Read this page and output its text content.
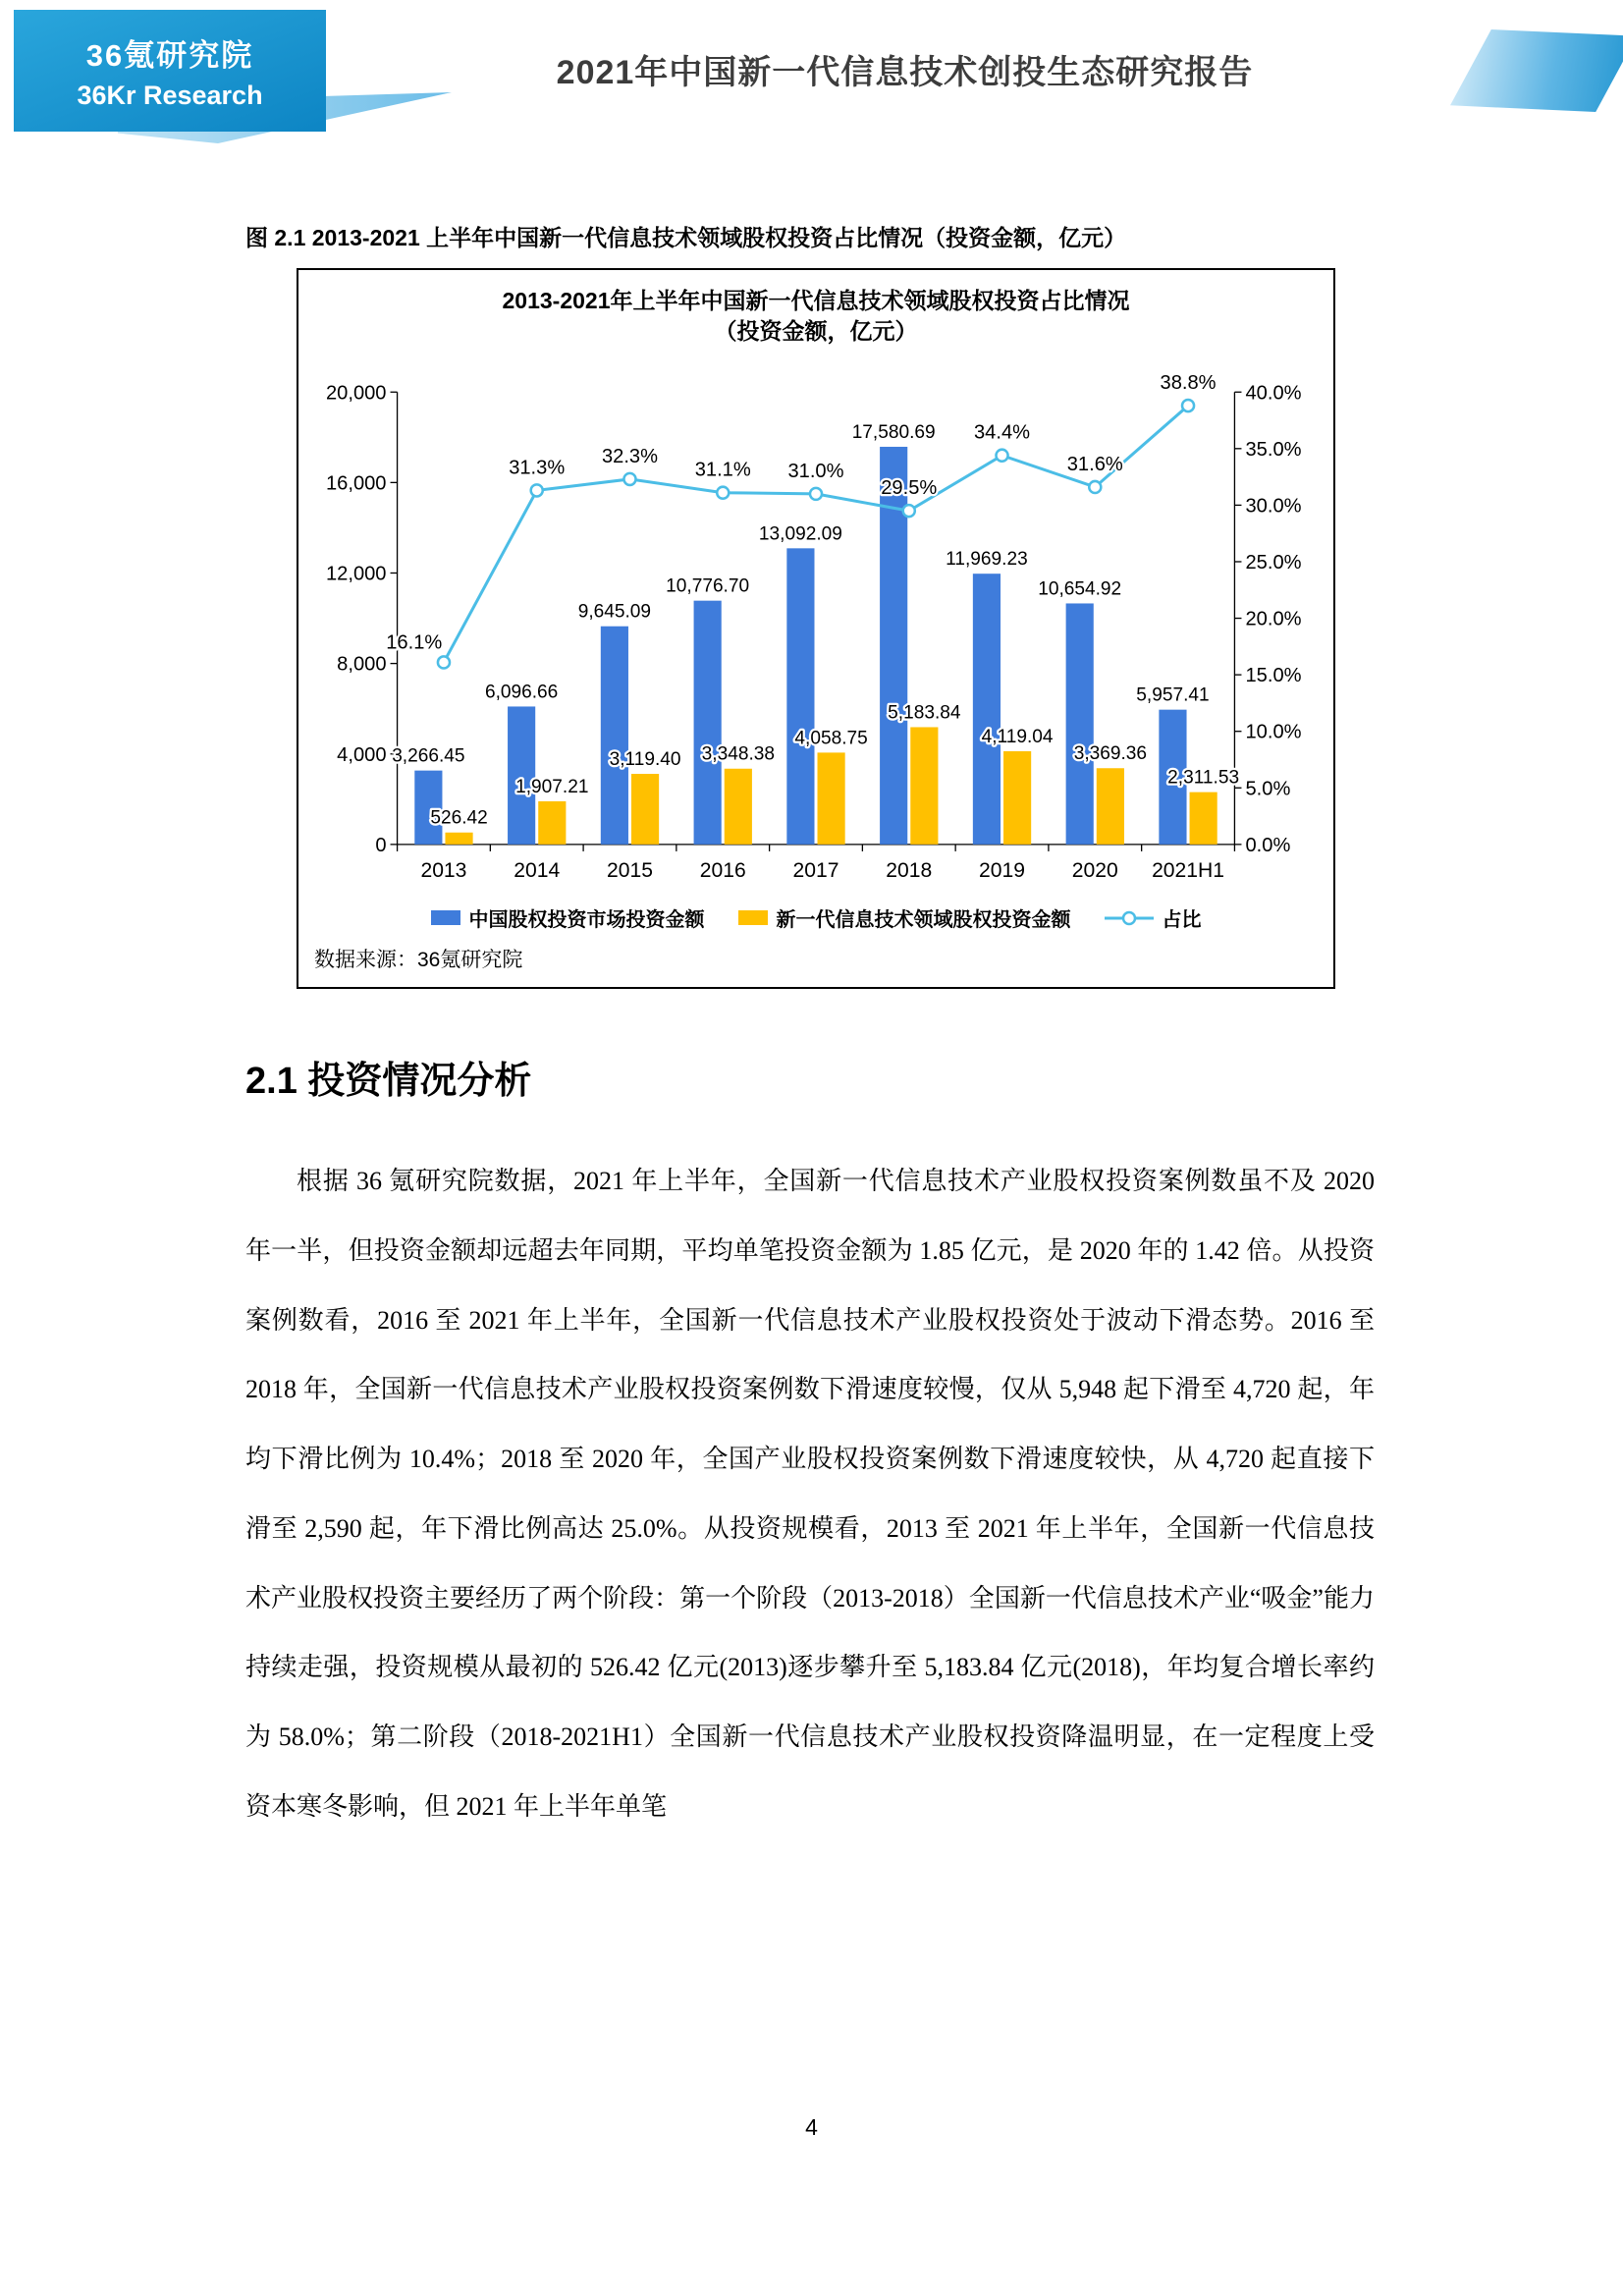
36氪研究院
36Kr Research
2021年中国新一代信息技术创投生态研究报告
图 2.1 2013-2021 上半年中国新一代信息技术领域股权投资占比情况（投资金额，亿元）
2013-2021年上半年中国新一代信息技术领域股权投资占比情况
（投资金额，亿元）
0
4,000
8,000
12,000
16,000
20,000
0.0%
5.0%
10.0%
15.0%
20.0%
25.0%
30.0%
35.0%
40.0%
2013 2014 2015 2016 2017 2018 2019 2020 2021H1
3,266.45
6,096.66
9,645.09
10,776.70
13,092.09
17,580.69
11,969.23
10,654.92
5,957.41
526.42
1,907.21
3,119.40 3,348.38
4,058.75
5,183.84
4,119.04
3,369.36
2,311.53
16.1%
31.3%
32.3%
31.1% 31.0%
29.5%
34.4%
31.6%
38.8%
中国股权投资市场投资金额	新一代信息技术领域股权投资金额	占比
数据来源：36氪研究院
2.1 投资情况分析
根据 36 氪研究院数据，2021 年上半年，全国新一代信息技术产业股权投资案例数虽不及 2020 年一半，但投资金额却远超去年同期，平均单笔投资金额为 1.85 亿元，是 2020 年的 1.42 倍。从投资案例数看，2016 至 2021 年上半年，全国新一代信息技术产业股权投资处于波动下滑态势。2016 至 2018 年，全国新一代信息技术产业股权投资案例数下滑速度较慢，仅从 5,948 起下滑至 4,720 起，年均下滑比例为 10.4%；2018 至 2020 年，全国产业股权投资案例数下滑速度较快，从 4,720 起直接下滑至 2,590 起，年下滑比例高达 25.0%。从投资规模看，2013 至 2021 年上半年，全国新一代信息技术产业股权投资主要经历了两个阶段：第一个阶段（2013-2018）全国新一代信息技术产业“吸金”能力持续走强，投资规模从最初的 526.42 亿元(2013)逐步攀升至 5,183.84 亿元(2018)，年均复合增长率约为 58.0%；第二阶段（2018-2021H1）全国新一代信息技术产业股权投资降温明显，在一定程度上受资本寒冬影响，但 2021 年上半年单笔
4
